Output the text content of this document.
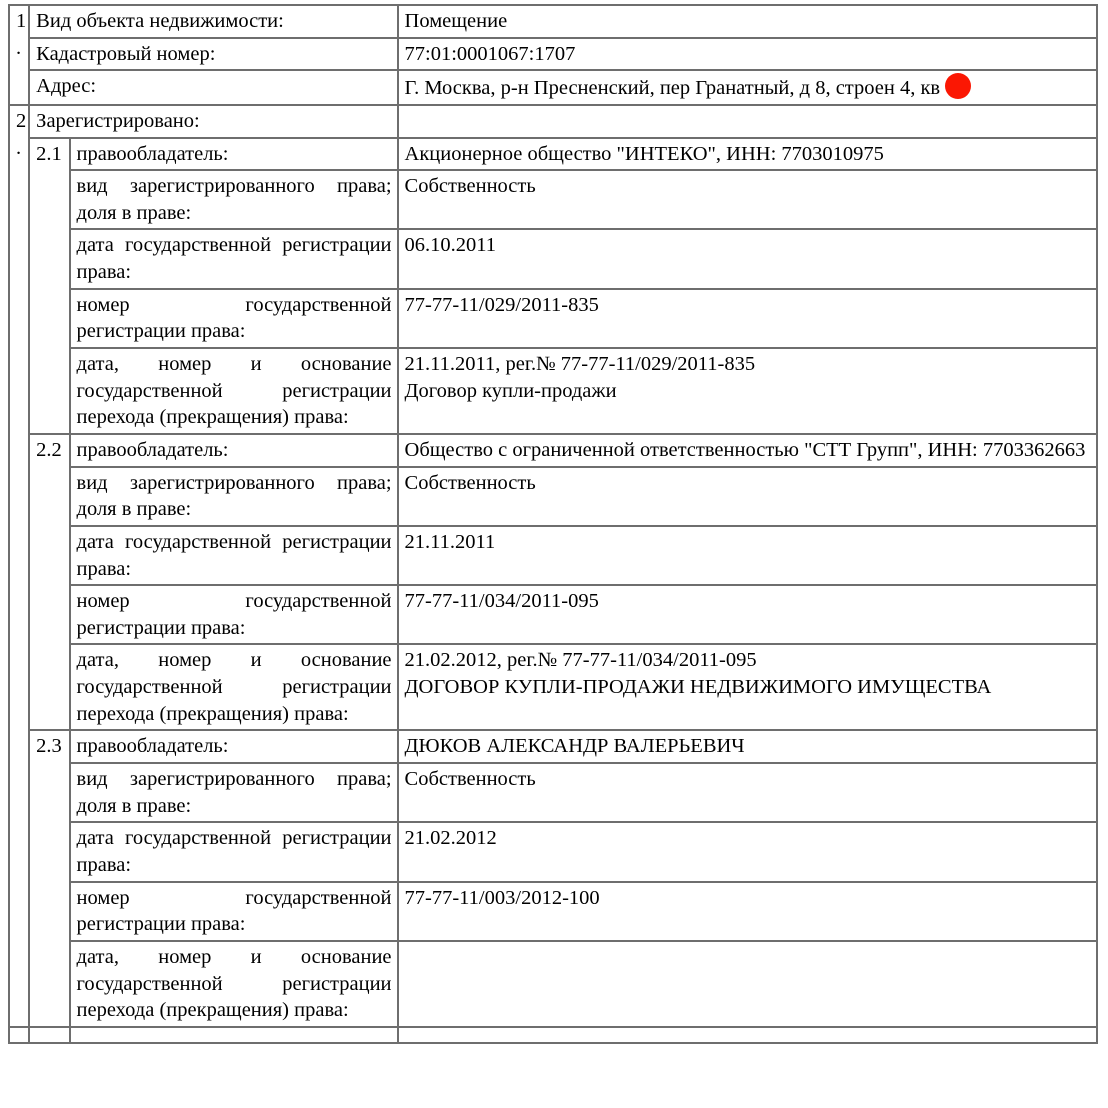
1.	Вид объекта недвижимости:		Помещение
	Кадастровый номер:		77:01:0001067:1707
	Адрес:		Г. Москва, р-н Пресненский, пер Гранатный, д 8, строен 4, кв
2.	Зарегистрировано:		
	2.1	правообладатель:	Акционерное общество "ИНТЕКО", ИНН: 7703010975
		вид зарегистрированного права; доля в праве:	Собственность
		дата государственной регистрации права:	06.10.2011
		номер государственной регистрации права:	77-77-11/029/2011-835
		дата, номер и основание государственной регистрации перехода (прекращения) права:	21.11.2011, рег.№ 77-77-11/029/2011-835
Договор купли-продажи

	2.2	правообладатель:	Общество с ограниченной ответственностью "СТТ Групп", ИНН: 7703362663
		вид зарегистрированного права; доля в праве:	Собственность
		дата государственной регистрации права:	21.11.2011
		номер государственной регистрации права:	77-77-11/034/2011-095
		дата, номер и основание государственной регистрации перехода (прекращения) права:	21.02.2012, рег.№ 77-77-11/034/2011-095
ДОГОВОР КУПЛИ-ПРОДАЖИ НЕДВИЖИМОГО ИМУЩЕСТВА

	2.3	правообладатель:	ДЮКОВ АЛЕКСАНДР ВАЛЕРЬЕВИЧ
		вид зарегистрированного права; доля в праве:	Собственность
		дата государственной регистрации права:	21.02.2012
		номер государственной регистрации права:	77-77-11/003/2012-100
		дата, номер и основание государственной регистрации перехода (прекращения) права:	
